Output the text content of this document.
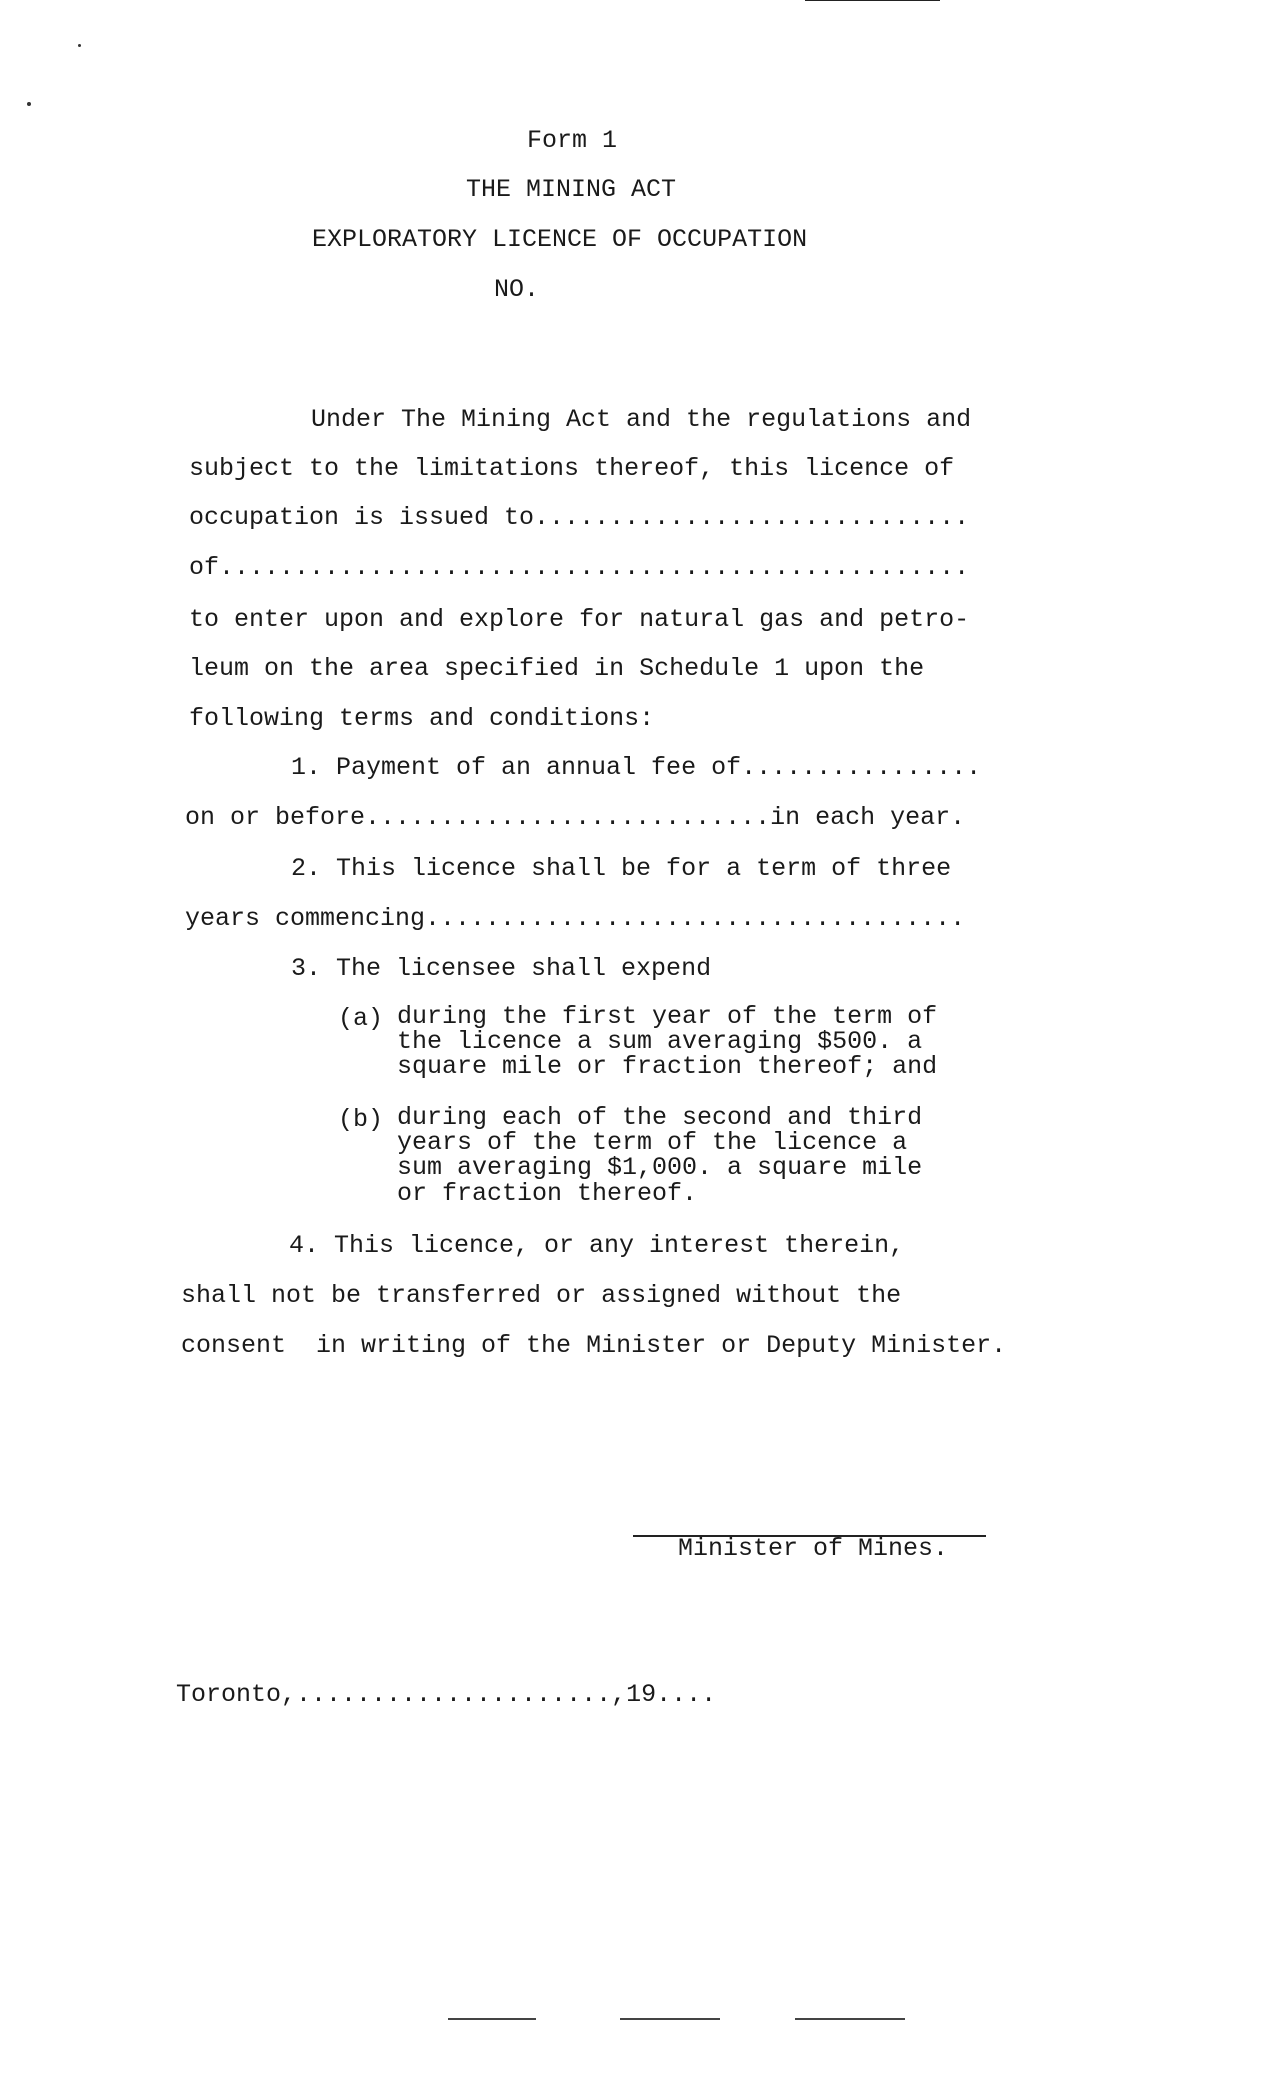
Form 1
THE MINING ACT
EXPLORATORY LICENCE OF OCCUPATION
NO.
Under The Mining Act and the regulations and
subject to the limitations thereof, this licence of
occupation is issued to.............................
of..................................................
to enter upon and explore for natural gas and petro-
leum on the area specified in Schedule 1 upon the
following terms and conditions:
1. Payment of an annual fee of................
on or before...........................in each year.
2. This licence shall be for a term of three
years commencing....................................
3. The licensee shall expend
(a) during the first year of the term of
the licence a sum averaging $500. a
square mile or fraction thereof; and
(b) during each of the second and third
years of the term of the licence a
sum averaging $1,000. a square mile
or fraction thereof.
4. This licence, or any interest therein,
shall not be transferred or assigned without the
consent  in writing of the Minister or Deputy Minister.
Minister of Mines.
Toronto,.....................,19....
